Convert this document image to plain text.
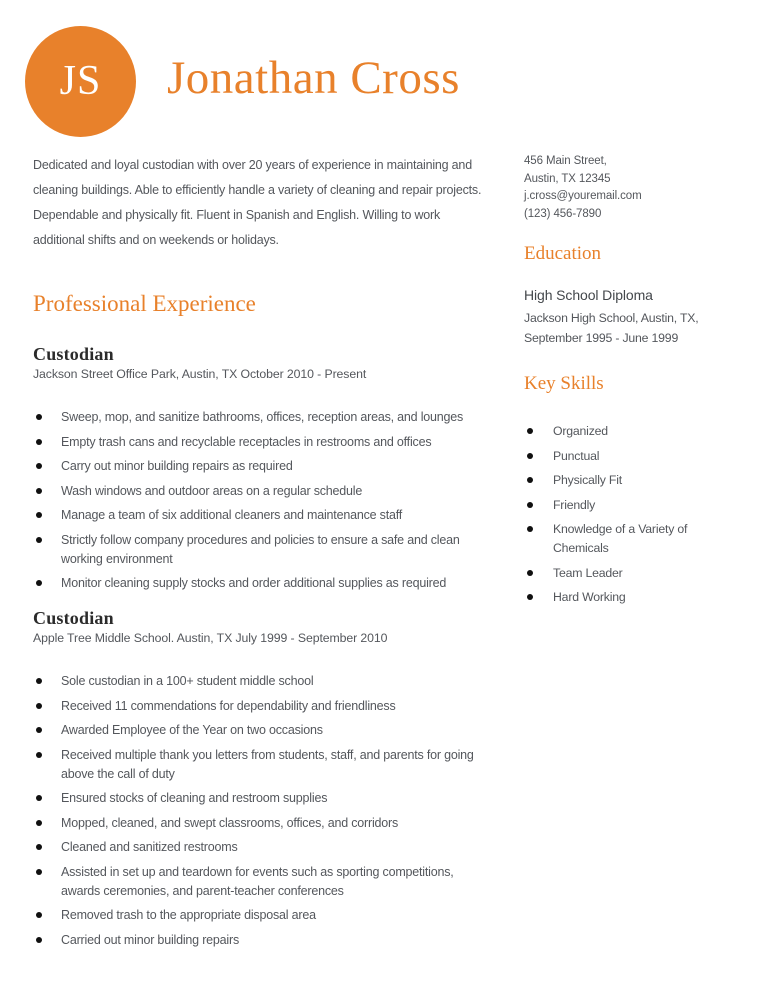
JS Jonathan Cross

Dedicated and loyal custodian with over 20 years of experience in maintaining and cleaning buildings. Able to efficiently handle a variety of cleaning and repair projects. Dependable and physically fit. Fluent in Spanish and English. Willing to work additional shifts and on weekends or holidays.

Professional Experience
Custodian
Jackson Street Office Park, Austin, TX October 2010 - Present
Sweep, mop, and sanitize bathrooms, offices, reception areas, and lounges
Empty trash cans and recyclable receptacles in restrooms and offices
Carry out minor building repairs as required
Wash windows and outdoor areas on a regular schedule
Manage a team of six additional cleaners and maintenance staff
Strictly follow company procedures and policies to ensure a safe and clean working environment
Monitor cleaning supply stocks and order additional supplies as required
Custodian
Apple Tree Middle School. Austin, TX July 1999 - September 2010
Sole custodian in a 100+ student middle school
Received 11 commendations for dependability and friendliness
Awarded Employee of the Year on two occasions
Received multiple thank you letters from students, staff, and parents for going above the call of duty
Ensured stocks of cleaning and restroom supplies
Mopped, cleaned, and swept classrooms, offices, and corridors
Cleaned and sanitized restrooms
Assisted in set up and teardown for events such as sporting competitions, awards ceremonies, and parent-teacher conferences
Removed trash to the appropriate disposal area
Carried out minor building repairs
456 Main Street,
Austin, TX 12345
j.cross@youremail.com
(123) 456-7890
Education
High School Diploma
Jackson High School, Austin, TX,
September 1995 - June 1999
Key Skills
Organized
Punctual
Physically Fit
Friendly
Knowledge of a Variety of Chemicals
Team Leader
Hard Working
